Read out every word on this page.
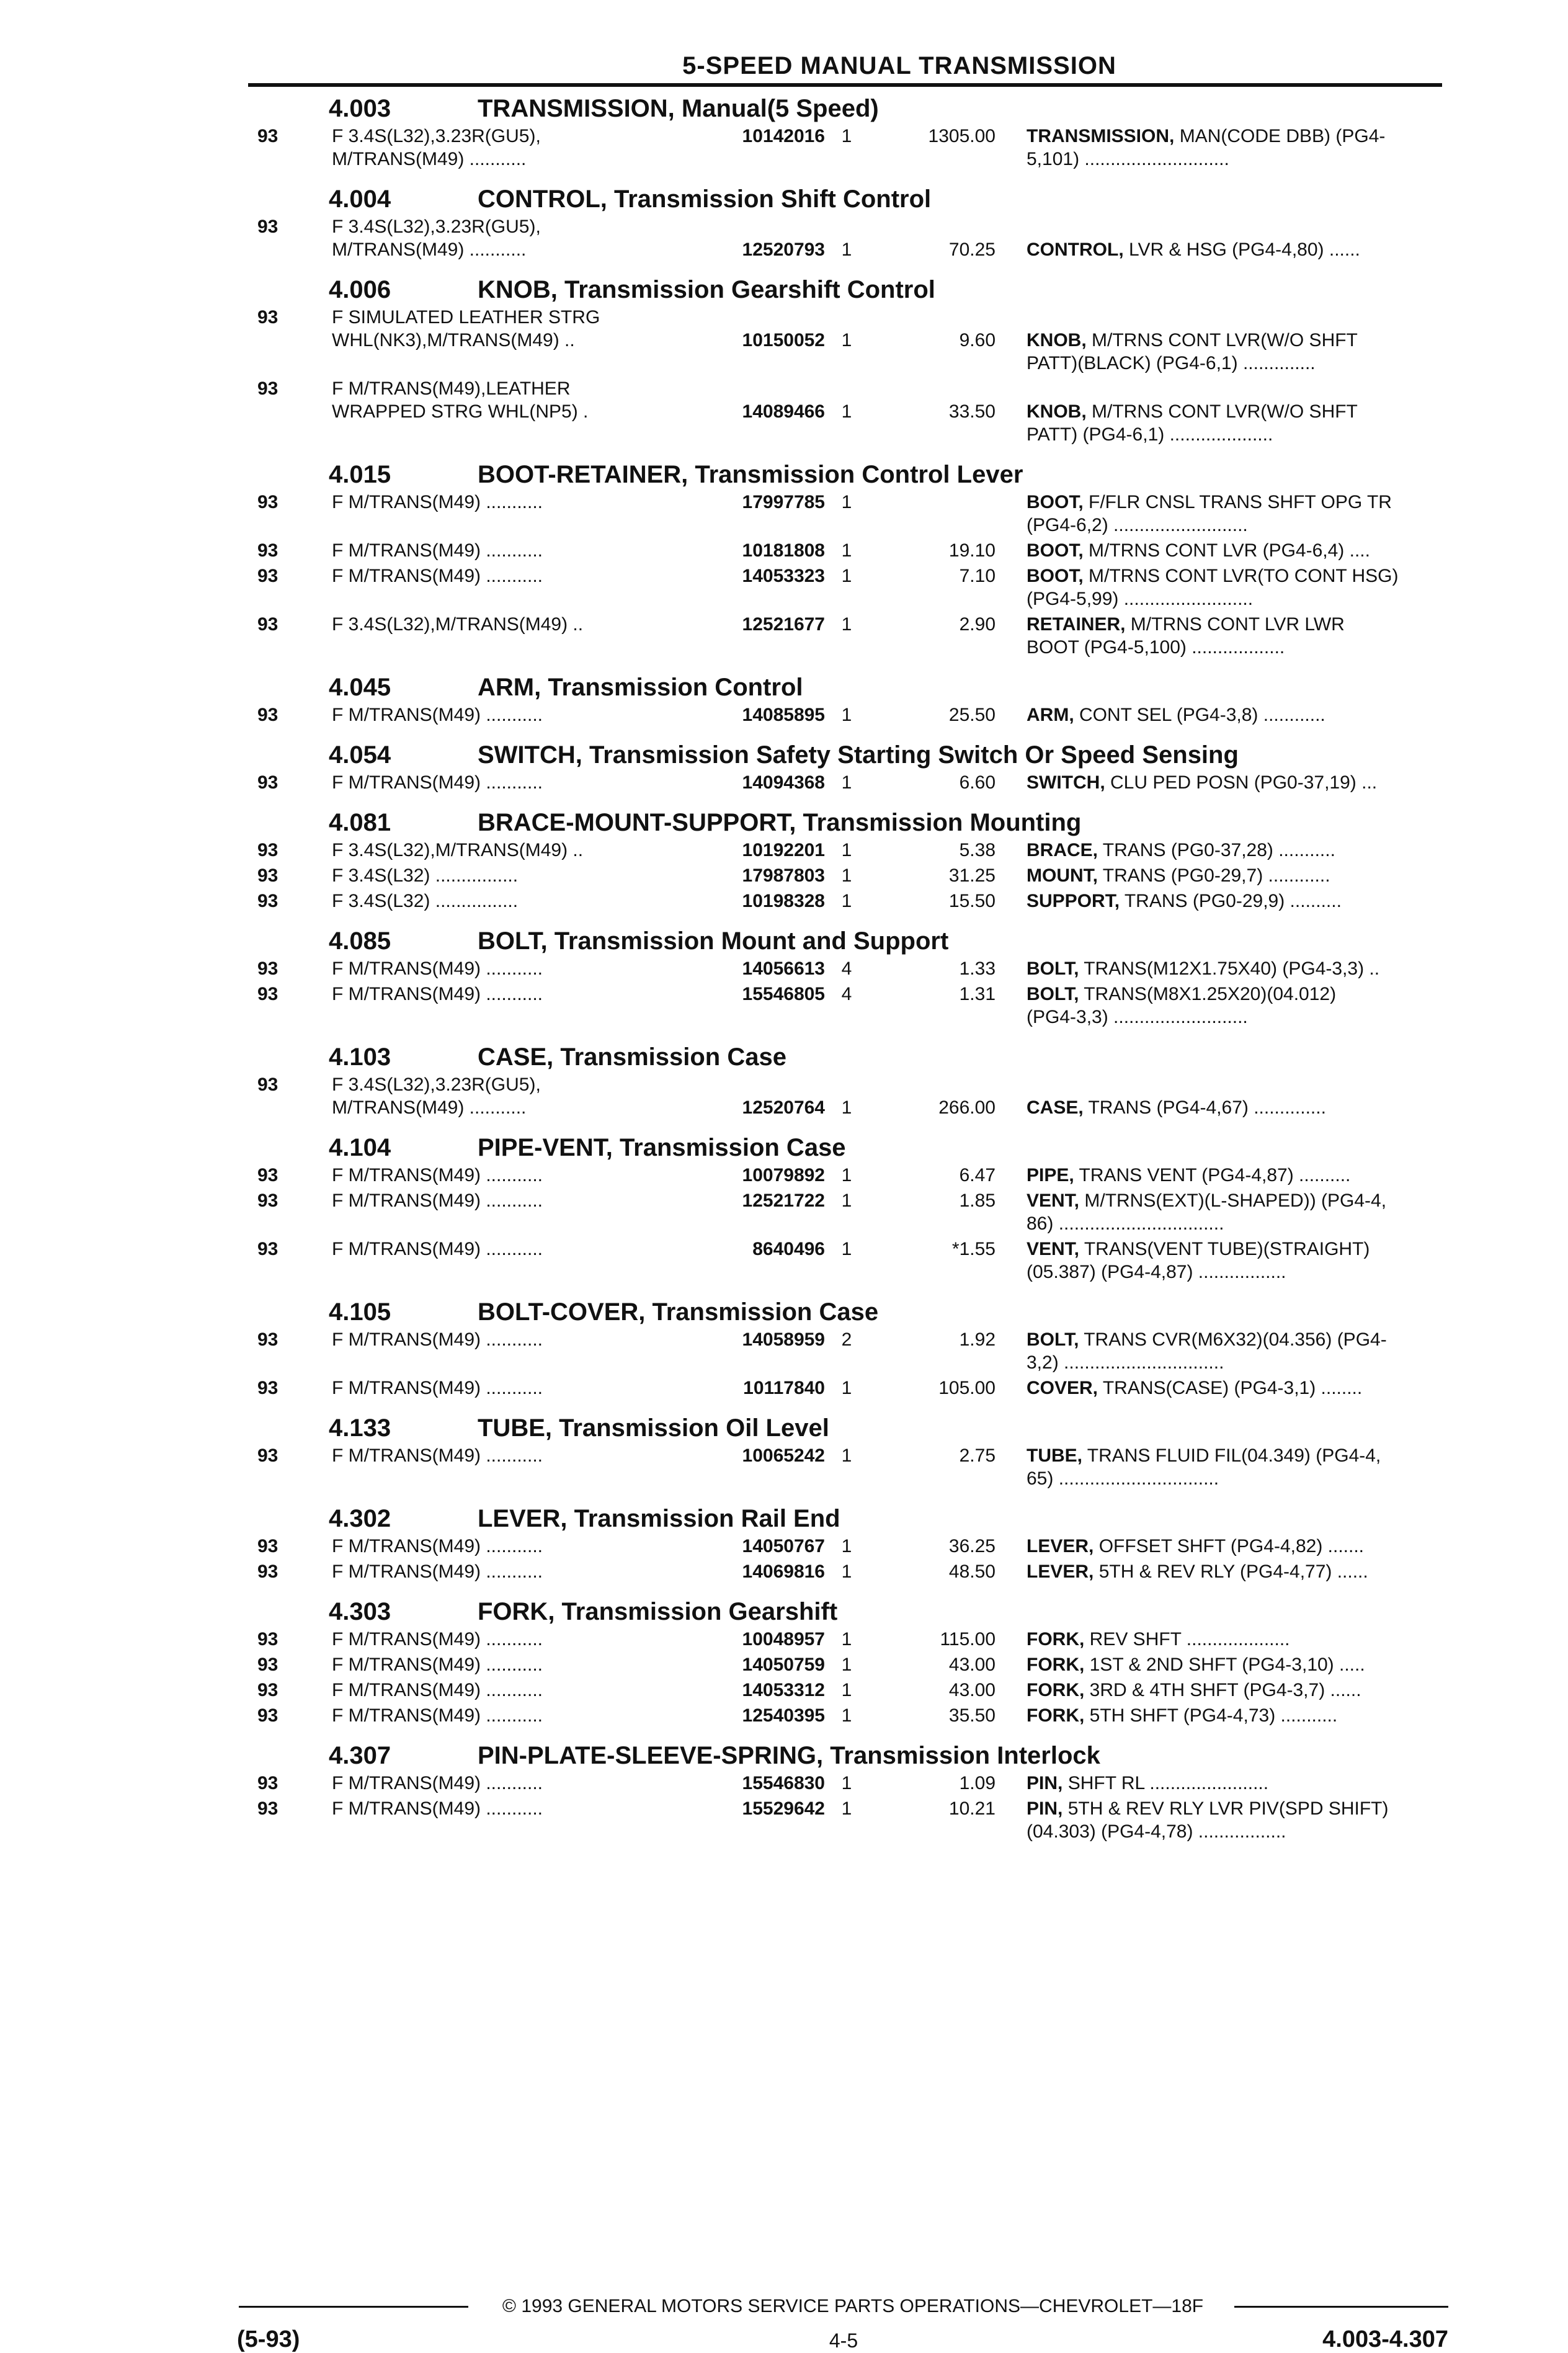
5-SPEED MANUAL TRANSMISSION
4.003	TRANSMISSION, Manual(5 Speed)
93	F 3.4S(L32),3.23R(GU5),
M/TRANS(M49) ...........
10142016 1	1305.00 TRANSMISSION, MAN(CODE DBB) (PG4-
5,101) ............................
4.004	CONTROL, Transmission Shift Control
93	F 3.4S(L32),3.23R(GU5),
M/TRANS(M49) ...........	12520793 1	70.25 CONTROL, LVR & HSG (PG4-4,80) ......
4.006	KNOB, Transmission Gearshift Control
93	F SIMULATED LEATHER STRG
WHL(NK3),M/TRANS(M49) ..	10150052 1	9.60 KNOB, M/TRNS CONT LVR(W/O SHFT
PATT)(BLACK) (PG4-6,1) ..............
93	F M/TRANS(M49),LEATHER
WRAPPED STRG WHL(NP5) .	14089466 1	33.50 KNOB, M/TRNS CONT LVR(W/O SHFT
PATT) (PG4-6,1) ....................
4.015	BOOT-RETAINER, Transmission Control Lever
93	F M/TRANS(M49) ...........	17997785 1	BOOT, F/FLR CNSL TRANS SHFT OPG TR
(PG4-6,2) ..........................
93	F M/TRANS(M49) ...........	10181808 1	19.10 BOOT, M/TRNS CONT LVR (PG4-6,4) ....
93	F M/TRANS(M49) ...........	14053323 1	7.10 BOOT, M/TRNS CONT LVR(TO CONT HSG)
(PG4-5,99) .........................
93	F 3.4S(L32),M/TRANS(M49) ..	12521677 1	2.90 RETAINER, M/TRNS CONT LVR LWR
BOOT (PG4-5,100) ..................
4.045	ARM, Transmission Control
93	F M/TRANS(M49) ...........	14085895 1	25.50 ARM, CONT SEL (PG4-3,8) ............
4.054	SWITCH, Transmission Safety Starting Switch Or Speed Sensing
93	F M/TRANS(M49) ...........	14094368 1	6.60 SWITCH, CLU PED POSN (PG0-37,19) ...
4.081	BRACE-MOUNT-SUPPORT, Transmission Mounting
93	F 3.4S(L32),M/TRANS(M49) ..	10192201 1	5.38 BRACE, TRANS (PG0-37,28) ...........
93	F 3.4S(L32) ................	17987803 1	31.25 MOUNT, TRANS (PG0-29,7) ............
93	F 3.4S(L32) ................	10198328 1	15.50 SUPPORT, TRANS (PG0-29,9) ..........
4.085	BOLT, Transmission Mount and Support
93	F M/TRANS(M49) ...........	14056613 4	1.33 BOLT, TRANS(M12X1.75X40) (PG4-3,3) ..
93	F M/TRANS(M49) ...........	15546805 4	1.31 BOLT, TRANS(M8X1.25X20)(04.012)
(PG4-3,3) ..........................
4.103	CASE, Transmission Case
93	F 3.4S(L32),3.23R(GU5),
M/TRANS(M49) ...........	12520764 1	266.00 CASE, TRANS (PG4-4,67) ..............
4.104	PIPE-VENT, Transmission Case
93	F M/TRANS(M49) ...........	10079892 1	6.47 PIPE, TRANS VENT (PG4-4,87) ..........
93	F M/TRANS(M49) ...........	12521722 1	1.85 VENT, M/TRNS(EXT)(L-SHAPED)) (PG4-4,
86) ................................
93	F M/TRANS(M49) ...........	8640496 1	*1.55 VENT, TRANS(VENT TUBE)(STRAIGHT)
(05.387) (PG4-4,87) .................
4.105	BOLT-COVER, Transmission Case
93	F M/TRANS(M49) ...........	14058959 2	1.92 BOLT, TRANS CVR(M6X32)(04.356) (PG4-
3,2) ...............................
93	F M/TRANS(M49) ...........	10117840 1	105.00 COVER, TRANS(CASE) (PG4-3,1) ........
4.133	TUBE, Transmission Oil Level
93	F M/TRANS(M49) ...........	10065242 1	2.75 TUBE, TRANS FLUID FIL(04.349) (PG4-4,
65) ...............................
4.302	LEVER, Transmission Rail End
93	F M/TRANS(M49) ...........	14050767 1	36.25 LEVER, OFFSET SHFT (PG4-4,82) .......
93	F M/TRANS(M49) ...........	14069816 1	48.50 LEVER, 5TH & REV RLY (PG4-4,77) ......
4.303	FORK, Transmission Gearshift
93	F M/TRANS(M49) ...........	10048957 1	115.00 FORK, REV SHFT ....................
93	F M/TRANS(M49) ...........	14050759 1	43.00 FORK, 1ST & 2ND SHFT (PG4-3,10) .....
93	F M/TRANS(M49) ...........	14053312 1	43.00 FORK, 3RD & 4TH SHFT (PG4-3,7) ......
93	F M/TRANS(M49) ...........	12540395 1	35.50 FORK, 5TH SHFT (PG4-4,73) ...........
4.307	PIN-PLATE-SLEEVE-SPRING, Transmission Interlock
93	F M/TRANS(M49) ...........	15546830 1	1.09 PIN, SHFT RL .......................
93	F M/TRANS(M49) ...........	15529642 1	10.21 PIN, 5TH & REV RLY LVR PIV(SPD SHIFT)
(04.303) (PG4-4,78) .................
© 1993 GENERAL MOTORS SERVICE PARTS OPERATIONS—CHEVROLET—18F
(5-93)	4-5	4.003-4.307
